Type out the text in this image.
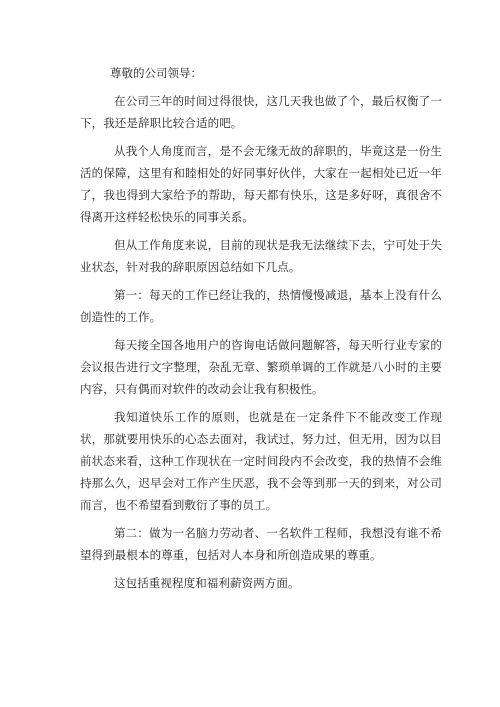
尊敬的公司领导：

在公司三年的时间过得很快，这几天我也做了个，最后权衡了一下，我还是辞职比较合适的吧。

从我个人角度而言，是不会无缘无故的辞职的，毕竟这是一份生活的保障，这里有和睦相处的好同事好伙伴，大家在一起相处已近一年了，我也得到大家给予的帮助，每天都有快乐，这是多好呀，真很舍不得离开这样轻松快乐的同事关系。

但从工作角度来说，目前的现状是我无法继续下去，宁可处于失业状态，针对我的辞职原因总结如下几点。

第一：每天的工作已经让我的，热情慢慢减退，基本上没有什么创造性的工作。

每天接全国各地用户的咨询电话做问题解答，每天听行业专家的会议报告进行文字整理，杂乱无章、繁琐单调的工作就是八小时的主要内容，只有偶而对软件的改动会让我有积极性。

我知道快乐工作的原则，也就是在一定条件下不能改变工作现状，那就要用快乐的心态去面对，我试过，努力过，但无用，因为以目前状态来看，这种工作现状在一定时间段内不会改变，我的热情不会维持那么久，迟早会对工作产生厌恶，我不会等到那一天的到来，对公司而言，也不希望看到敷衍了事的员工。

第二：做为一名脑力劳动者、一名软件工程师，我想没有谁不希望得到最根本的尊重，包括对人本身和所创造成果的尊重。

这包括重视程度和福利薪资两方面。
